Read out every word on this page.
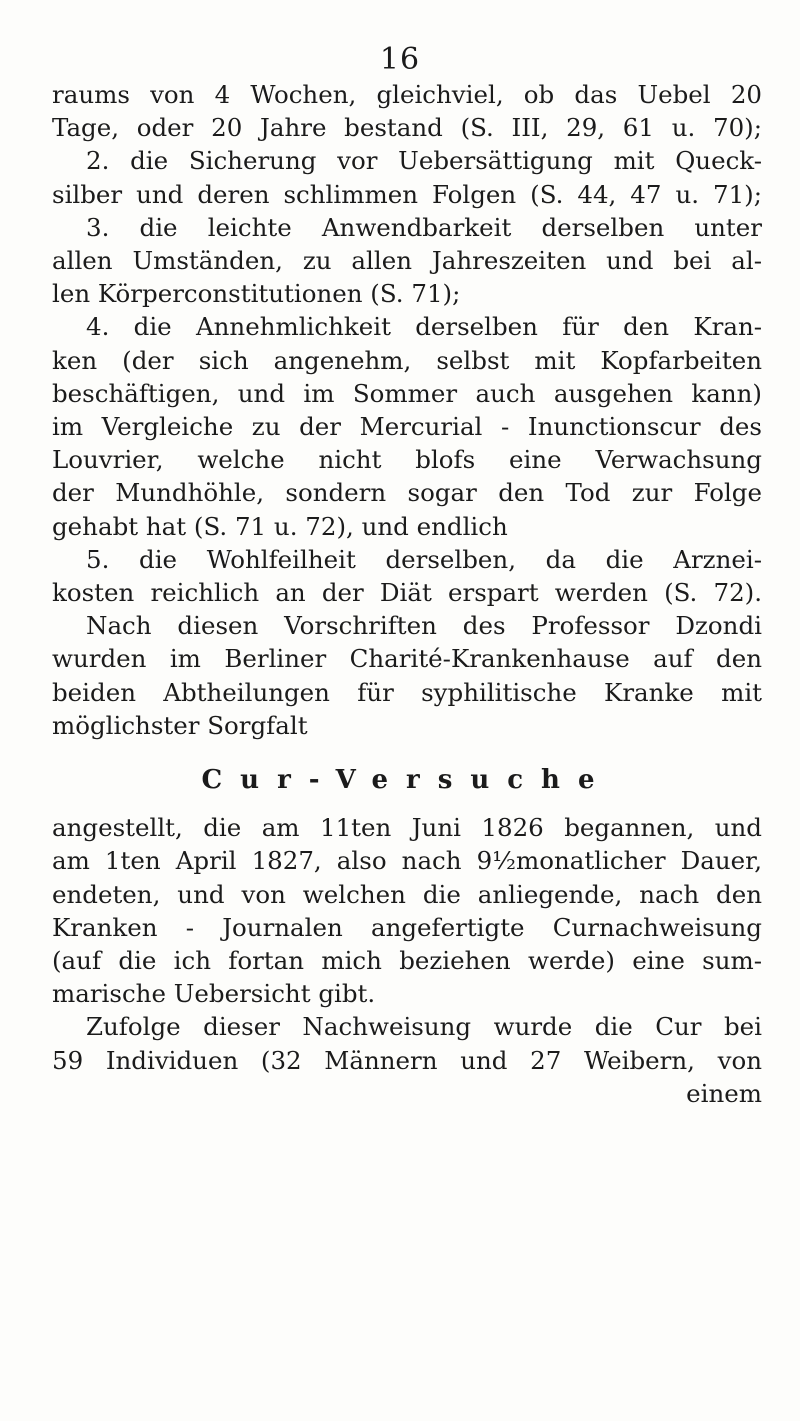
16
raums von 4 Wochen, gleichviel, ob das Uebel 20
Tage, oder 20 Jahre bestand (S. III, 29, 61 u. 70);
2. die Sicherung vor Uebersättigung mit Queck-
silber und deren schlimmen Folgen (S. 44, 47 u. 71);
3. die leichte Anwendbarkeit derselben unter
allen Umständen, zu allen Jahreszeiten und bei al-
len Körperconstitutionen (S. 71);
4. die Annehmlichkeit derselben für den Kran-
ken (der sich angenehm, selbst mit Kopfarbeiten
beschäftigen, und im Sommer auch ausgehen kann)
im Vergleiche zu der Mercurial - Inunctionscur des
Louvrier, welche nicht blofs eine Verwachsung
der Mundhöhle, sondern sogar den Tod zur Folge
gehabt hat (S. 71 u. 72), und endlich
5. die Wohlfeilheit derselben, da die Arznei-
kosten reichlich an der Diät erspart werden (S. 72).
Nach diesen Vorschriften des Professor Dzondi
wurden im Berliner Charité-Krankenhause auf den
beiden Abtheilungen für syphilitische Kranke mit
möglichster Sorgfalt
Cur-Versuche
angestellt, die am 11ten Juni 1826 begannen, und
am 1ten April 1827, also nach 9½monatlicher Dauer,
endeten, und von welchen die anliegende, nach den
Kranken - Journalen angefertigte Curnachweisung
(auf die ich fortan mich beziehen werde) eine sum-
marische Uebersicht gibt.
Zufolge dieser Nachweisung wurde die Cur bei
59 Individuen (32 Männern und 27 Weibern, von
einem
